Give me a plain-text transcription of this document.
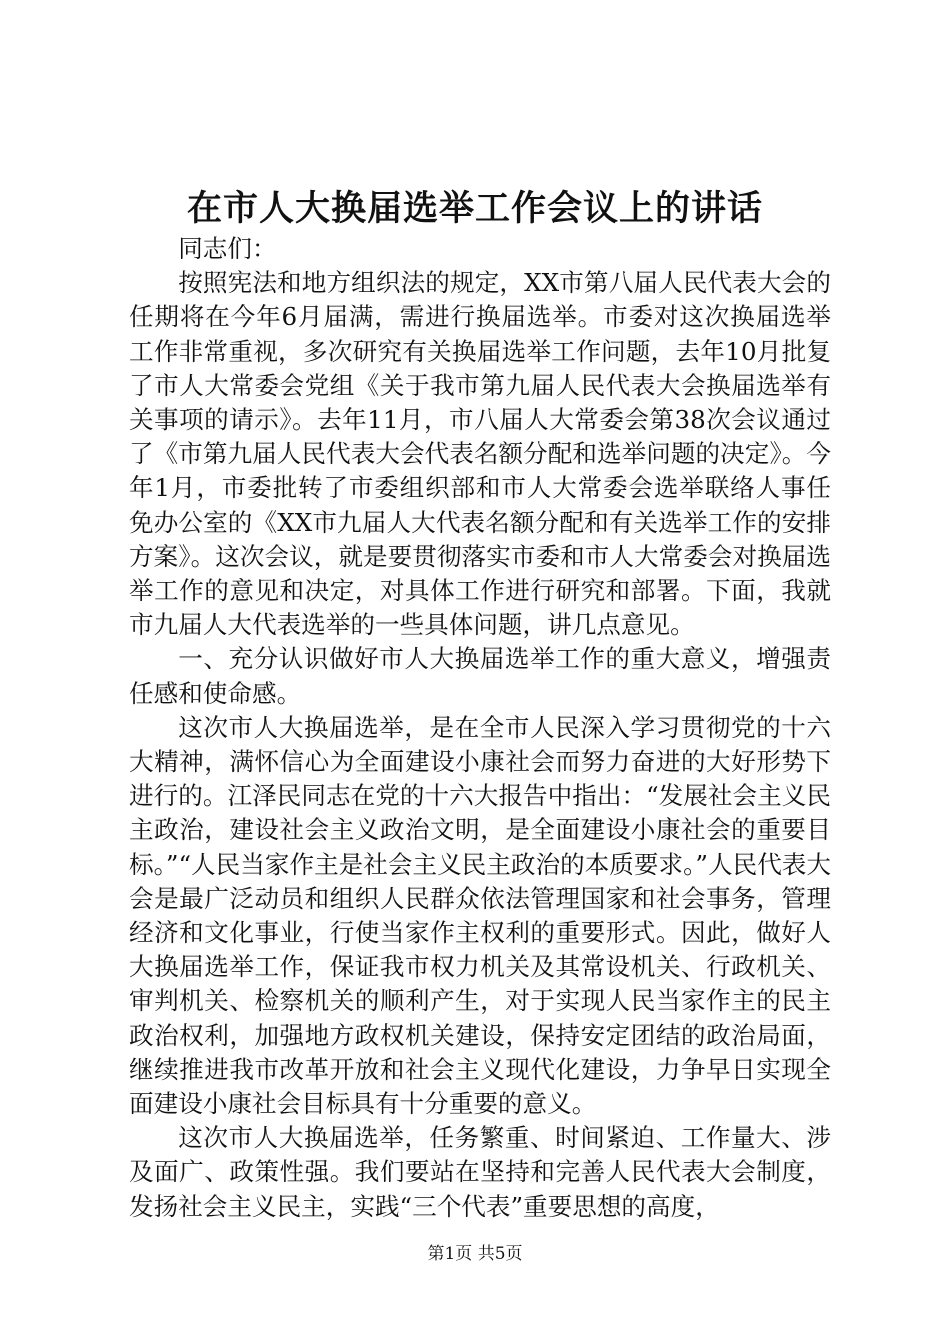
在市人大换届选举工作会议上的讲话

同志们：

按照宪法和地方组织法的规定，XX市第八届人民代表大会的任期将在今年6月届满，需进行换届选举。市委对这次换届选举工作非常重视，多次研究有关换届选举工作问题，去年10月批复了市人大常委会党组《关于我市第九届人民代表大会换届选举有关事项的请示》。去年11月，市八届人大常委会第38次会议通过了《市第九届人民代表大会代表名额分配和选举问题的决定》。今年1月，市委批转了市委组织部和市人大常委会选举联络人事任免办公室的《XX市九届人大代表名额分配和有关选举工作的安排方案》。这次会议，就是要贯彻落实市委和市人大常委会对换届选举工作的意见和决定，对具体工作进行研究和部署。下面，我就市九届人大代表选举的一些具体问题，讲几点意见。

一、充分认识做好市人大换届选举工作的重大意义，增强责任感和使命感。

这次市人大换届选举，是在全市人民深入学习贯彻党的十六大精神，满怀信心为全面建设小康社会而努力奋进的大好形势下进行的。江泽民同志在党的十六大报告中指出：“发展社会主义民主政治，建设社会主义政治文明，是全面建设小康社会的重要目标。”“人民当家作主是社会主义民主政治的本质要求。”人民代表大会是最广泛动员和组织人民群众依法管理国家和社会事务，管理经济和文化事业，行使当家作主权利的重要形式。因此，做好人大换届选举工作，保证我市权力机关及其常设机关、行政机关、审判机关、检察机关的顺利产生，对于实现人民当家作主的民主政治权利，加强地方政权机关建设，保持安定团结的政治局面，继续推进我市改革开放和社会主义现代化建设，力争早日实现全面建设小康社会目标具有十分重要的意义。

这次市人大换届选举，任务繁重、时间紧迫、工作量大、涉及面广、政策性强。我们要站在坚持和完善人民代表大会制度，发扬社会主义民主，实践“三个代表”重要思想的高度，

第1页 共5页
